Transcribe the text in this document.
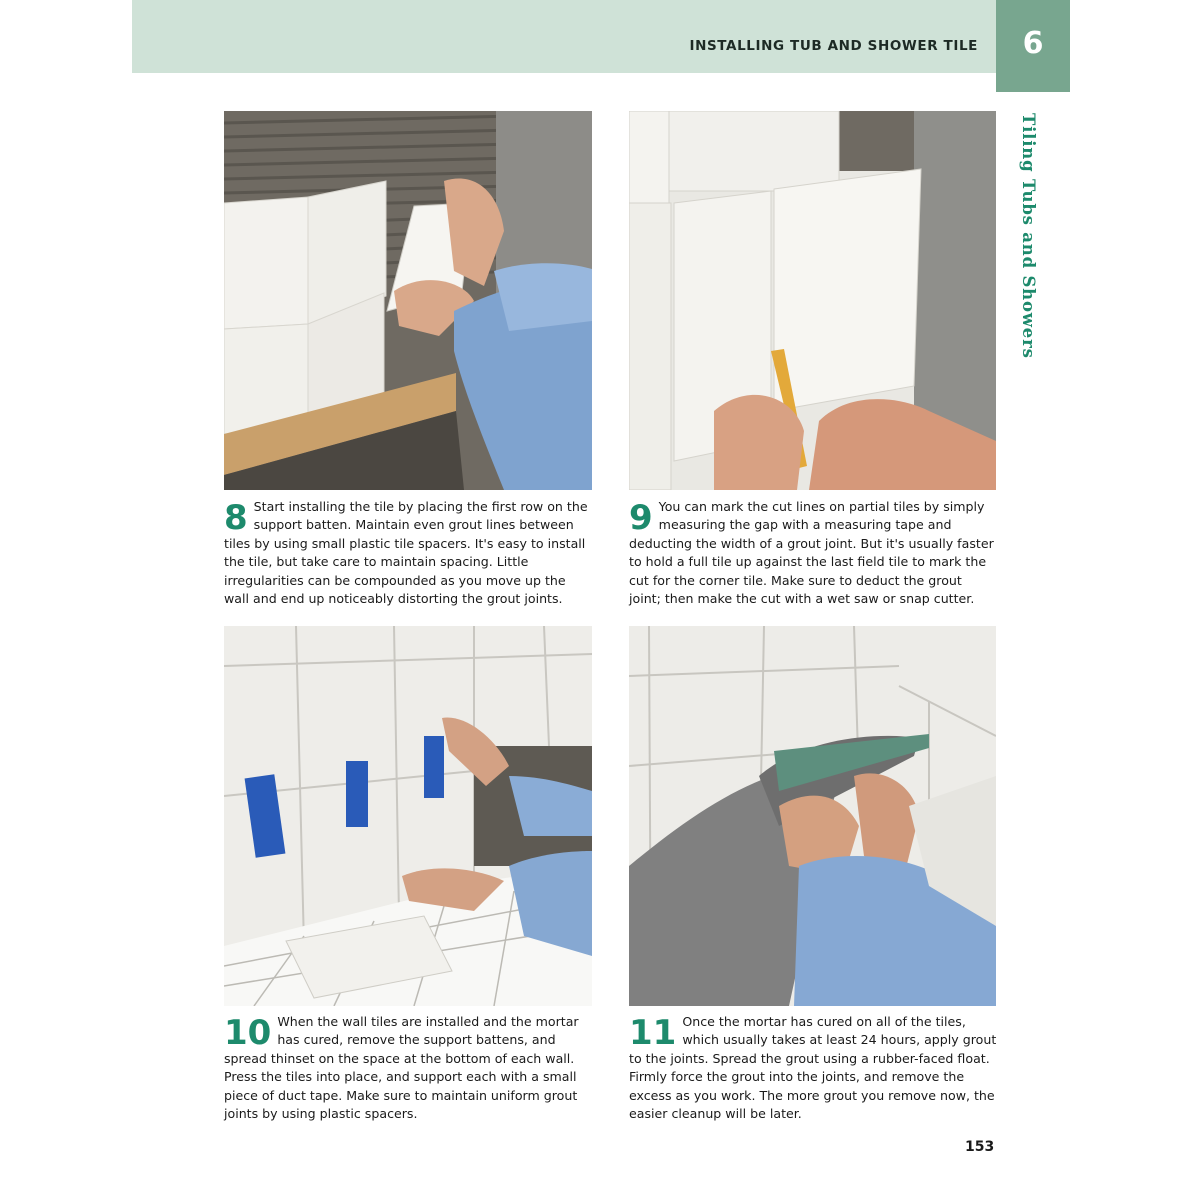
INSTALLING TUB AND SHOWER TILE	6
Tiling Tubs and Showers
8 Start installing the tile by placing the first row on the support batten. Maintain even grout lines between tiles by using small plastic tile spacers. It's easy to install the tile, but take care to maintain spacing. Little irregularities can be compounded as you move up the wall and end up noticeably distorting the grout joints.
9 You can mark the cut lines on partial tiles by simply measuring the gap with a measuring tape and deducting the width of a grout joint. But it's usually faster to hold a full tile up against the last field tile to mark the cut for the corner tile. Make sure to deduct the grout joint; then make the cut with a wet saw or snap cutter.
10 When the wall tiles are installed and the mortar has cured, remove the support battens, and spread thinset on the space at the bottom of each wall. Press the tiles into place, and support each with a small piece of duct tape. Make sure to maintain uniform grout joints by using plastic spacers.
11 Once the mortar has cured on all of the tiles, which usually takes at least 24 hours, apply grout to the joints. Spread the grout using a rubber-faced float. Firmly force the grout into the joints, and remove the excess as you work. The more grout you remove now, the easier cleanup will be later.
153
